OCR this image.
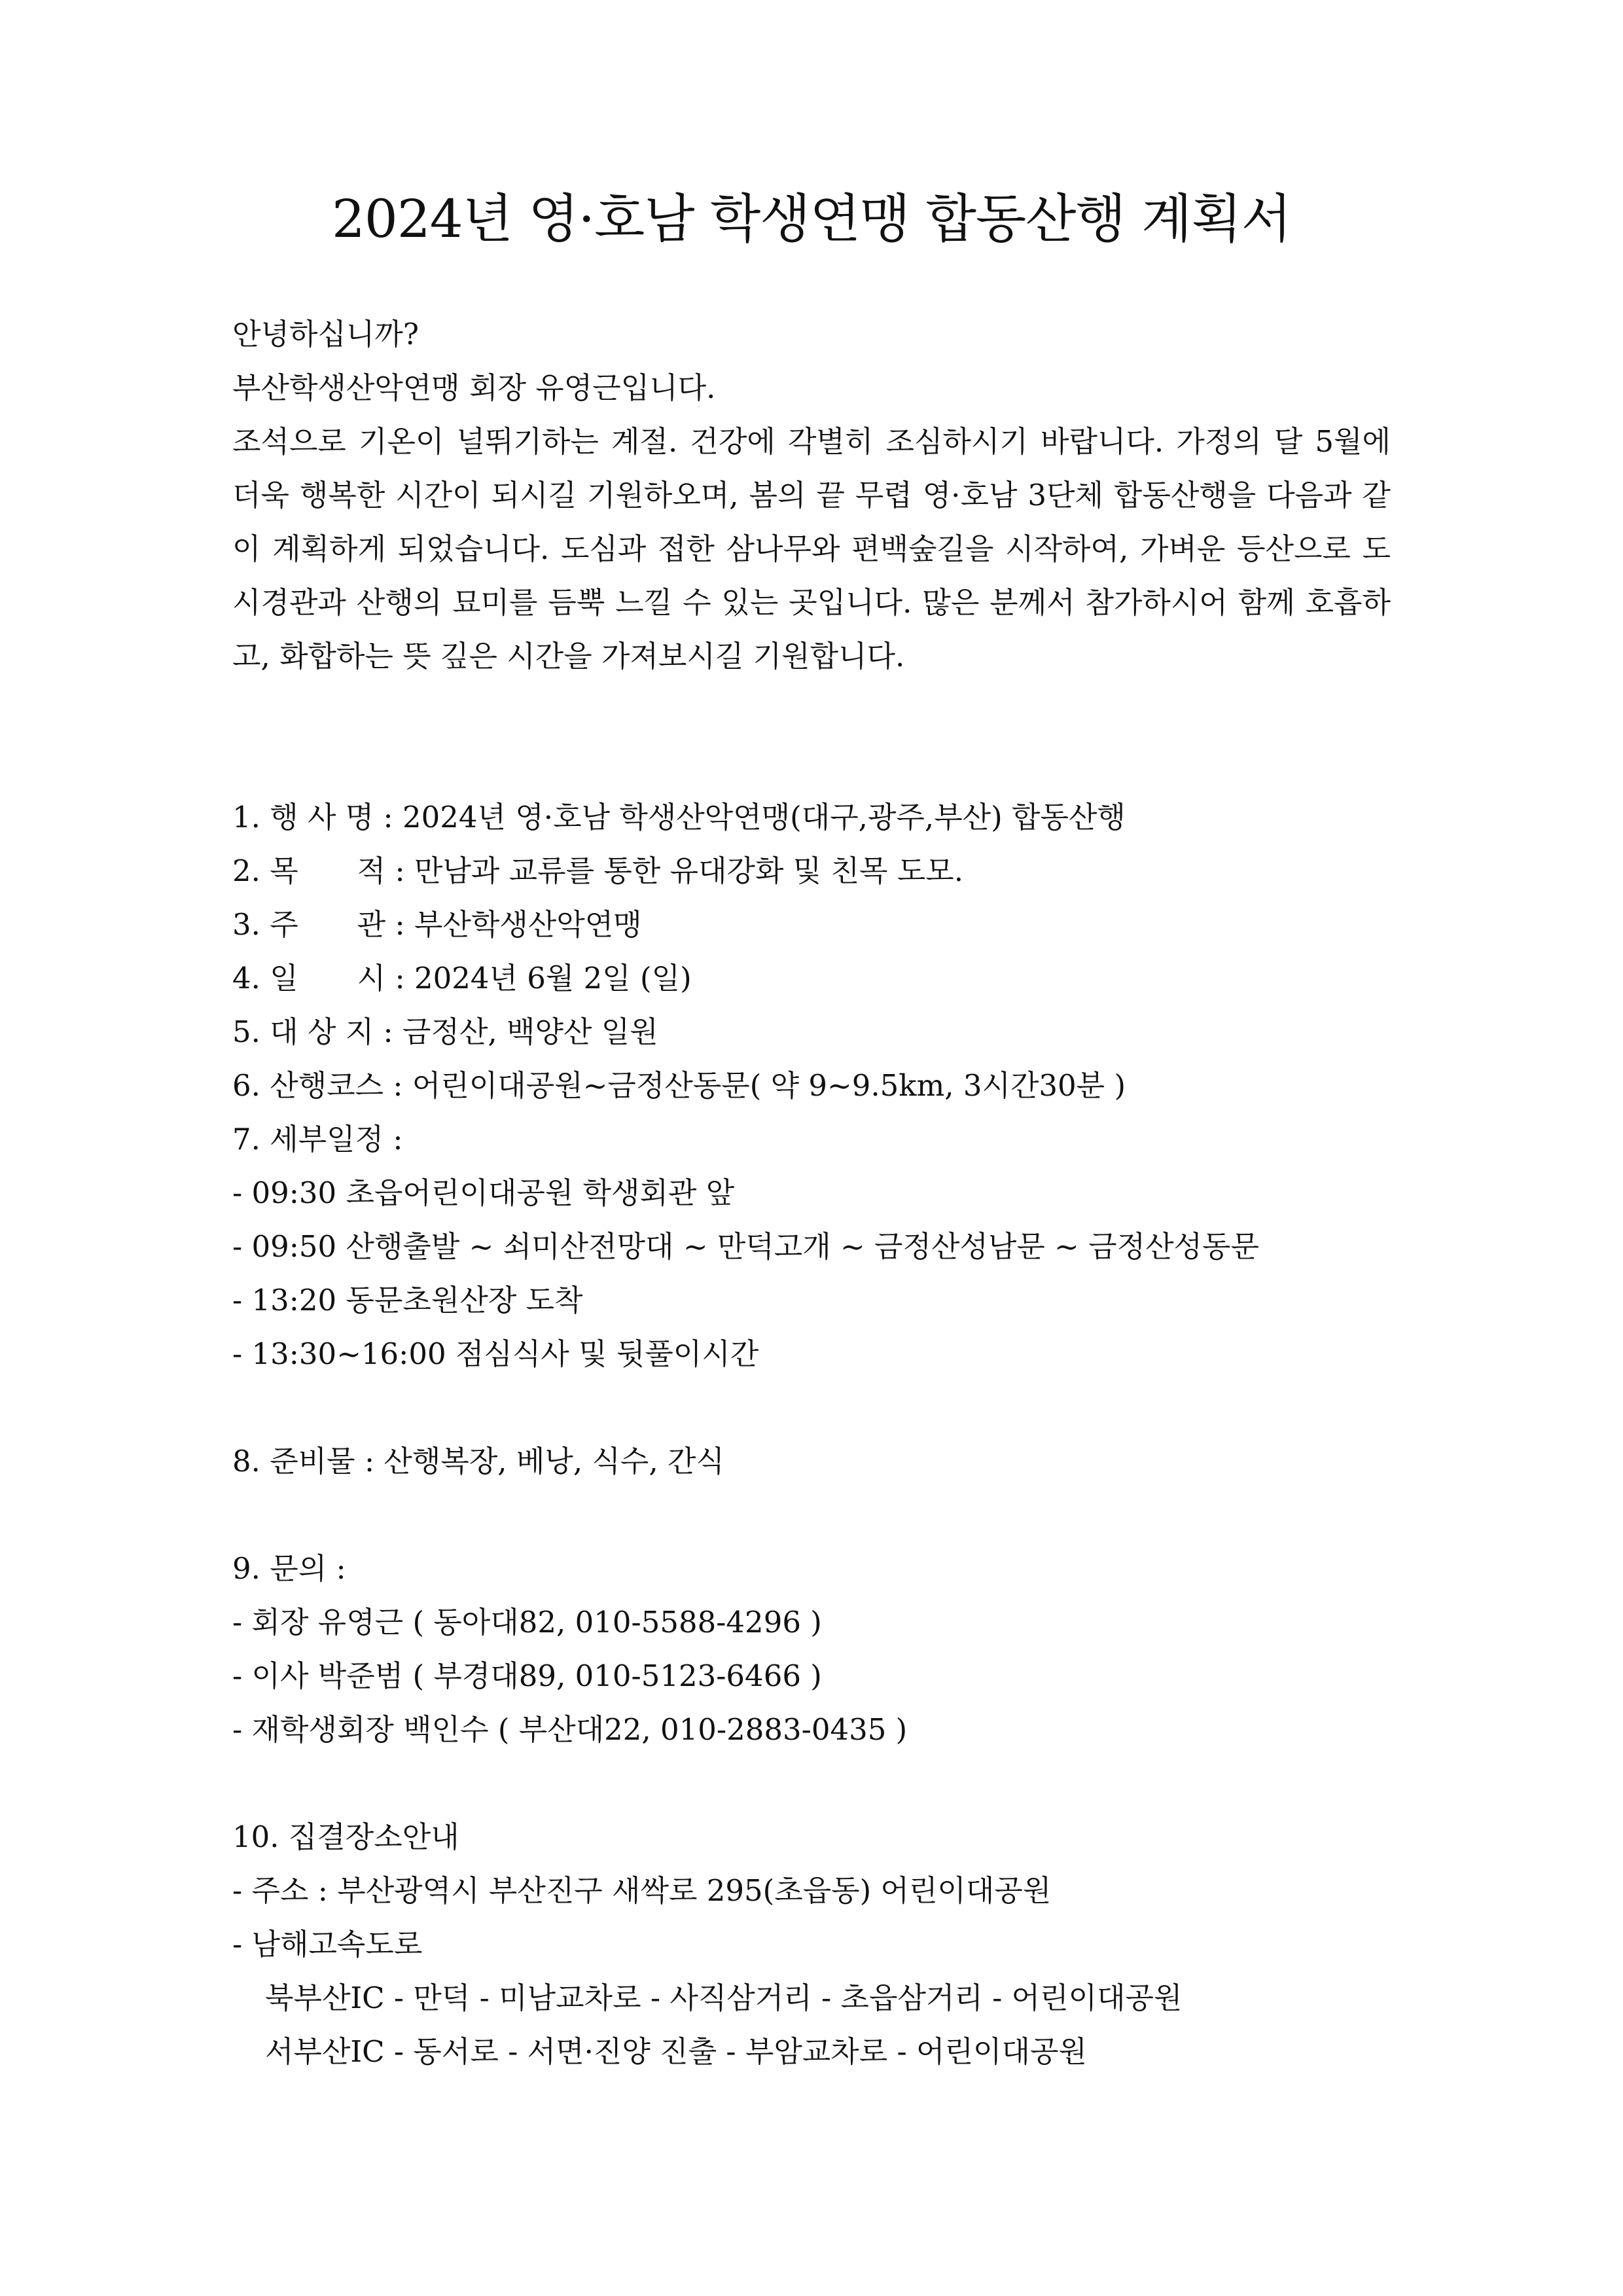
2024년 영·호남 학생연맹 합동산행 계획서
안녕하십니까?
부산학생산악연맹 회장 유영근입니다.

조석으로 기온이 널뛰기하는 계절. 건강에 각별히 조심하시기 바랍니다. 가정의 달 5월에 더욱 행복한 시간이 되시길 기원하오며, 봄의 끝 무렵 영·호남 3단체 합동산행을 다음과 같이 계획하게 되었습니다. 도심과 접한 삼나무와 편백숲길을 시작하여, 가벼운 등산으로 도시경관과 산행의 묘미를 듬뿍 느낄 수 있는 곳입니다. 많은 분께서 참가하시어 함께 호흡하고, 화합하는 뜻 깊은 시간을 가져보시길 기원합니다.

1. 행 사 명 : 2024년 영·호남 학생산악연맹(대구,광주,부산) 합동산행
2. 목　　적 : 만남과 교류를 통한 유대강화 및 친목 도모.
3. 주　　관 : 부산학생산악연맹
4. 일　　시 : 2024년 6월 2일 (일)
5. 대 상 지 : 금정산, 백양산 일원
6. 산행코스 : 어린이대공원~금정산동문( 약 9~9.5km, 3시간30분 )
7. 세부일정 :
- 09:30 초읍어린이대공원 학생회관 앞
- 09:50 산행출발 ~ 쇠미산전망대 ~ 만덕고개 ~ 금정산성남문 ~ 금정산성동문
- 13:20 동문초원산장 도착
- 13:30~16:00 점심식사 및 뒷풀이시간
8. 준비물 : 산행복장, 베낭, 식수, 간식
9. 문의 :
- 회장 유영근 ( 동아대82, 010-5588-4296 )
- 이사 박준범 ( 부경대89, 010-5123-6466 )
- 재학생회장 백인수 ( 부산대22, 010-2883-0435 )
10. 집결장소안내
- 주소 : 부산광역시 부산진구 새싹로 295(초읍동) 어린이대공원
- 남해고속도로
북부산IC - 만덕 - 미남교차로 - 사직삼거리 - 초읍삼거리 - 어린이대공원
서부산IC - 동서로 - 서면·진양 진출 - 부암교차로 - 어린이대공원
